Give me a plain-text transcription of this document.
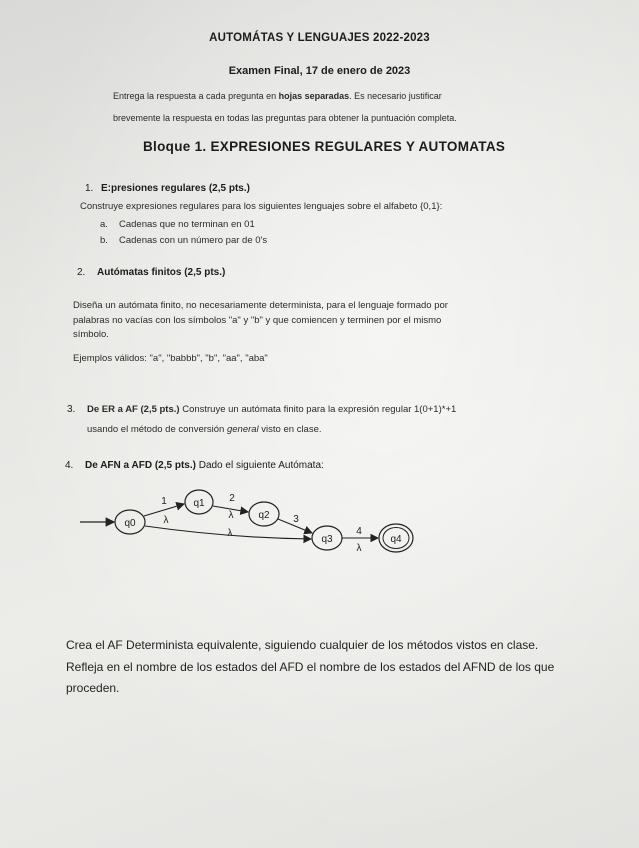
AUTOMÁTAS Y LENGUAJES 2022-2023
Examen Final, 17 de enero de 2023
Entrega la respuesta a cada pregunta en hojas separadas. Es necesario justificar
brevemente la respuesta en todas las preguntas para obtener la puntuación completa.
Bloque 1. EXPRESIONES REGULARES Y AUTOMATAS
1. E:presiones regulares (2,5 pts.)
Construye expresiones regulares para los siguientes lenguajes sobre el alfabeto {0,1}:
a. Cadenas que no terminan en 01
b. Cadenas con un número par de 0's
2. Autómatas finitos (2,5 pts.)
Diseña un autómata finito, no necesariamente determinista, para el lenguaje formado por
palabras no vacías con los símbolos "a" y "b" y que comiencen y terminen por el mismo
símbolo.
Ejemplos válidos: "a", "babbb", "b", "aa", "aba"
3. De ER a AF (2,5 pts.) Construye un autómata finito para la expresión regular 1(0+1)*+1
usando el método de conversión general visto en clase.
4. De AFN a AFD (2,5 pts.) Dado el siguiente Autómata:
q0
q1
q2
q3	q4
1
λ
2
λ	3
λ	4
λ
Crea el AF Determinista equivalente, siguiendo cualquier de los métodos vistos en clase.
Refleja en el nombre de los estados del AFD el nombre de los estados del AFND de los que
proceden.
